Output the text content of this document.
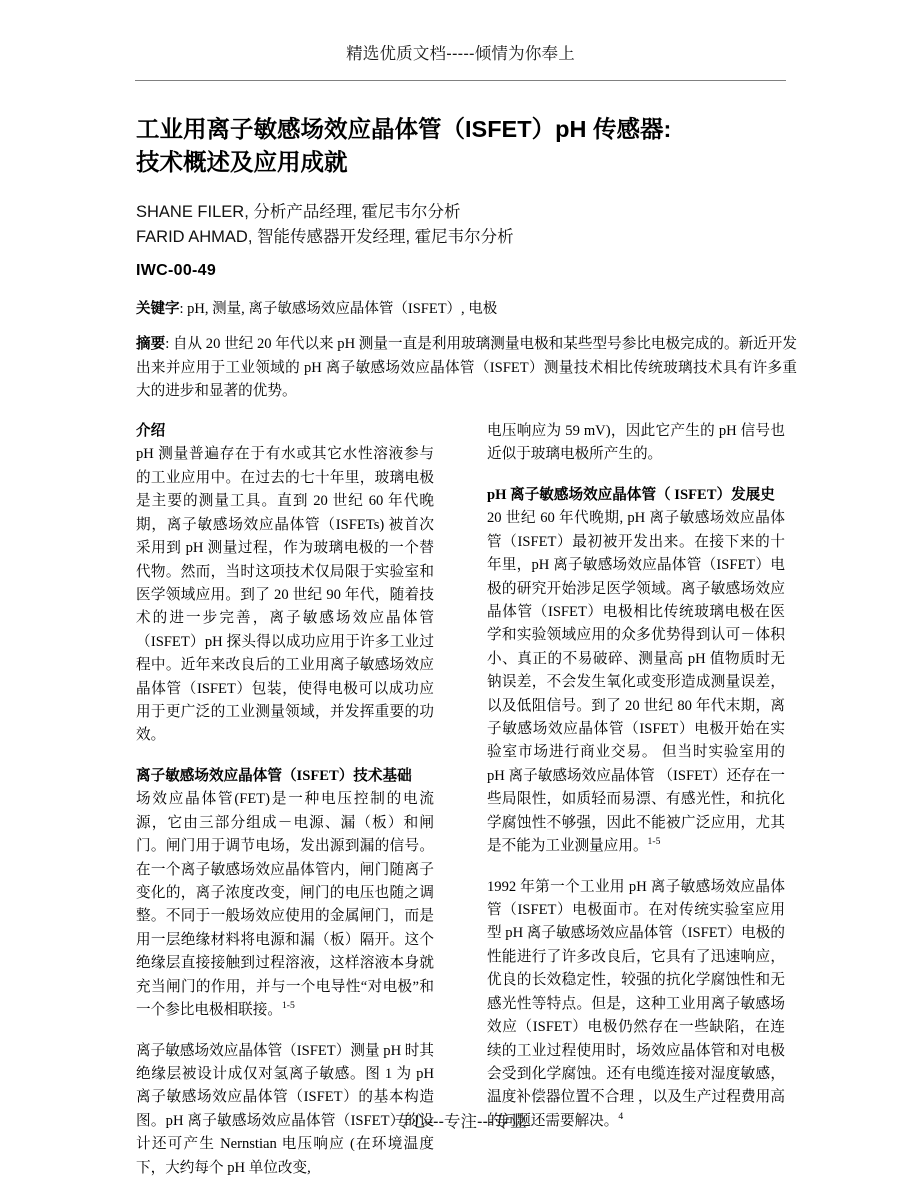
精选优质文档-----倾情为你奉上
工业用离子敏感场效应晶体管（ISFET）pH 传感器:
技术概述及应用成就
SHANE FILER, 分析产品经理, 霍尼韦尔分析
FARID AHMAD, 智能传感器开发经理, 霍尼韦尔分析
IWC-00-49
关键字: pH, 测量, 离子敏感场效应晶体管（ISFET）, 电极
摘要: 自从 20 世纪 20 年代以来 pH 测量一直是利用玻璃测量电极和某些型号参比电极完成的。新近开发出来并应用于工业领域的 pH 离子敏感场效应晶体管（ISFET）测量技术相比传统玻璃技术具有许多重大的进步和显著的优势。
介绍

pH 测量普遍存在于有水或其它水性溶液参与的工业应用中。在过去的七十年里，玻璃电极是主要的测量工具。直到 20 世纪 60 年代晚期，离子敏感场效应晶体管（ISFETs) 被首次采用到 pH 测量过程，作为玻璃电极的一个替代物。然而，当时这项技术仅局限于实验室和医学领域应用。到了 20 世纪 90 年代，随着技术的进一步完善，离子敏感场效应晶体管（ISFET）pH 探头得以成功应用于许多工业过程中。近年来改良后的工业用离子敏感场效应晶体管（ISFET）包装，使得电极可以成功应用于更广泛的工业测量领域，并发挥重要的功效。

离子敏感场效应晶体管（ISFET）技术基础

场效应晶体管(FET)是一种电压控制的电流源，它由三部分组成－电源、漏（板）和闸门。闸门用于调节电场，发出源到漏的信号。在一个离子敏感场效应晶体管内，闸门随离子变化的，离子浓度改变，闸门的电压也随之调整。不同于一般场效应使用的金属闸门，而是用一层绝缘材料将电源和漏（板）隔开。这个绝缘层直接接触到过程溶液，这样溶液本身就充当闸门的作用，并与一个电导性“对电极”和一个参比电极相联接。$^{1-5}$

离子敏感场效应晶体管（ISFET）测量 pH 时其绝缘层被设计成仅对氢离子敏感。图 1 为 pH 离子敏感场效应晶体管（ISFET）的基本构造图。pH 离子敏感场效应晶体管（ISFET）的设计还可产生 Nernstian 电压响应 (在环境温度下，大约每个 pH 单位改变,

电压响应为 59 mV)，因此它产生的 pH 信号也近似于玻璃电极所产生的。

pH 离子敏感场效应晶体管（ ISFET）发展史

20 世纪 60 年代晚期, pH 离子敏感场效应晶体管（ISFET）最初被开发出来。在接下来的十年里，pH 离子敏感场效应晶体管（ISFET）电极的研究开始涉足医学领域。离子敏感场效应晶体管（ISFET）电极相比传统玻璃电极在医学和实验领域应用的众多优势得到认可－体积小、真正的不易破碎、测量高 pH 值物质时无钠误差，不会发生氧化或变形造成测量误差，以及低阻信号。到了 20 世纪 80 年代末期，离子敏感场效应晶体管（ISFET）电极开始在实验室市场进行商业交易。 但当时实验室用的 pH 离子敏感场效应晶体管 （ISFET）还存在一些局限性，如质轻而易漂、有感光性，和抗化学腐蚀性不够强，因此不能被广泛应用，尤其是不能为工业测量应用。$^{1-5}$

1992 年第一个工业用 pH 离子敏感场效应晶体管（ISFET）电极面市。在对传统实验室应用型 pH 离子敏感场效应晶体管（ISFET）电极的性能进行了许多改良后，它具有了迅速响应，优良的长效稳定性，较强的抗化学腐蚀性和无感光性等特点。但是，这种工业用离子敏感场效应（ISFET）电极仍然存在一些缺陷，在连续的工业过程使用时，场效应晶体管和对电极会受到化学腐蚀。还有电缆连接对湿度敏感，温度补偿器位置不合理 ，以及生产过程费用高的问题还需要解决。$^4$

专心---专注---专业
